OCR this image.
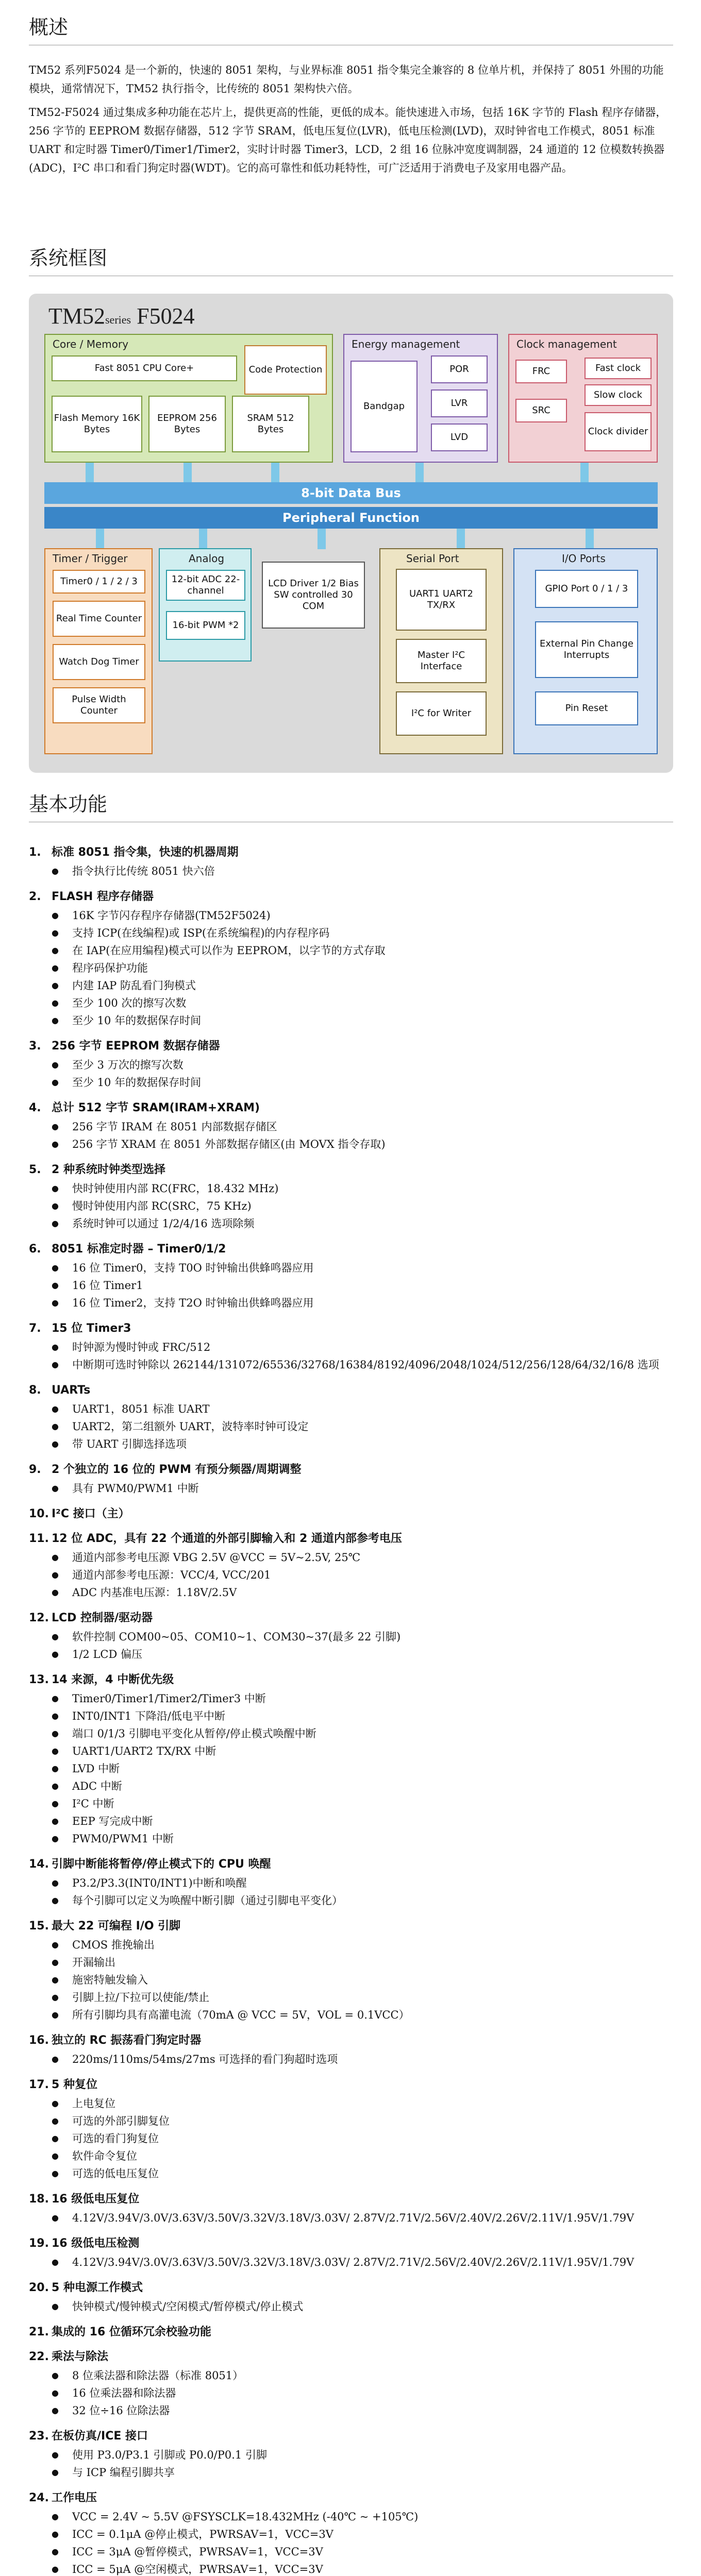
概述

TM52 系列F5024 是一个新的，快速的 8051 架构，与业界标准 8051 指令集完全兼容的 8 位单片机，并保持了 8051 外围的功能模块，通常情况下，TM52 执行指令，比传统的 8051 架构快六倍。

TM52-F5024 通过集成多种功能在芯片上，提供更高的性能，更低的成本。能快速进入市场，包括 16K 字节的 Flash 程序存储器，256 字节的 EEPROM 数据存储器，512 字节 SRAM，低电压复位(LVR)，低电压检测(LVD)，双时钟省电工作模式，8051 标准 UART 和定时器 Timer0/Timer1/Timer2，实时计时器 Timer3，LCD，2 组 16 位脉冲宽度调制器，24 通道的 12 位模数转换器(ADC)，I²C 串口和看门狗定时器(WDT)。它的高可靠性和低功耗特性，可广泛适用于消费电子及家用电器产品。

系统框图
TM52series F5024
Core / Memory
Fast 8051 CPU Core+	Code Protection
Flash Memory 16K Bytes
EEPROM 256 Bytes
SRAM 512 Bytes
Energy management
Bandgap
POR
LVR
LVD
Clock management
FRC
SRC
Fast clock
Slow clock
Clock divider
8-bit Data Bus
Peripheral Function
Timer / Trigger
Timer0 / 1 / 2 / 3
Real Time Counter
Watch Dog Timer
Pulse Width Counter
Analog
12-bit ADC 22-channel
16-bit PWM *2
LCD Driver 1/2 Bias SW controlled 30 COM
Serial Port
UART1 UART2 TX/RX
Master I²C Interface
I²C for Writer
I/O Ports
GPIO Port 0 / 1 / 3
External Pin Change Interrupts
Pin Reset
基本功能
1. 标准 8051 指令集，快速的机器周期
● 指令执行比传统 8051 快六倍
2. FLASH 程序存储器
● 16K 字节闪存程序存储器(TM52F5024)
● 支持 ICP(在线编程)或 ISP(在系统编程)的内存程序码
● 在 IAP(在应用编程)模式可以作为 EEPROM，以字节的方式存取
● 程序码保护功能
● 内建 IAP 防乱看门狗模式
● 至少 100 次的擦写次数
● 至少 10 年的数据保存时间
3. 256 字节 EEPROM 数据存储器
● 至少 3 万次的擦写次数
● 至少 10 年的数据保存时间
4. 总计 512 字节 SRAM(IRAM+XRAM)
● 256 字节 IRAM 在 8051 内部数据存储区
● 256 字节 XRAM 在 8051 外部数据存储区(由 MOVX 指令存取)
5. 2 种系统时钟类型选择
● 快时钟使用内部 RC(FRC，18.432 MHz)
● 慢时钟使用内部 RC(SRC，75 KHz)
● 系统时钟可以通过 1/2/4/16 选项除频
6. 8051 标准定时器 – Timer0/1/2
● 16 位 Timer0，支持 T0O 时钟输出供蜂鸣器应用
● 16 位 Timer1
● 16 位 Timer2，支持 T2O 时钟输出供蜂鸣器应用
7. 15 位 Timer3
● 时钟源为慢时钟或 FRC/512
● 中断期可选时钟除以 262144/131072/65536/32768/16384/8192/4096/2048/1024/512/256/128/64/32/16/8 选项
8. UARTs
● UART1，8051 标准 UART
● UART2，第二组额外 UART，波特率时钟可设定
● 带 UART 引脚选择选项
9. 2 个独立的 16 位的 PWM 有预分频器/周期调整
● 具有 PWM0/PWM1 中断
10. I²C 接口（主）
11. 12 位 ADC，具有 22 个通道的外部引脚输入和 2 通道内部参考电压
● 通道内部参考电压源 VBG 2.5V @VCC = 5V~2.5V, 25℃
● 通道内部参考电压源：VCC/4, VCC/201
● ADC 内基准电压源：1.18V/2.5V
12. LCD 控制器/驱动器
● 软件控制 COM00~05、COM10~1、COM30~37(最多 22 引脚)
● 1/2 LCD 偏压
13. 14 来源，4 中断优先级
● Timer0/Timer1/Timer2/Timer3 中断
● INT0/INT1 下降沿/低电平中断
● 端口 0/1/3 引脚电平变化从暂停/停止模式唤醒中断
● UART1/UART2 TX/RX 中断
● LVD 中断
● ADC 中断
● I²C 中断
● EEP 写完成中断
● PWM0/PWM1 中断
14. 引脚中断能将暂停/停止模式下的 CPU 唤醒
● P3.2/P3.3(INT0/INT1)中断和唤醒
● 每个引脚可以定义为唤醒中断引脚（通过引脚电平变化）
15. 最大 22 可编程 I/O 引脚
● CMOS 推挽输出
● 开漏输出
● 施密特触发输入
● 引脚上拉/下拉可以使能/禁止
● 所有引脚均具有高灌电流（70mA @ VCC = 5V，VOL = 0.1VCC）
16. 独立的 RC 振荡看门狗定时器
● 220ms/110ms/54ms/27ms 可选择的看门狗超时选项
17. 5 种复位
● 上电复位
● 可选的外部引脚复位
● 可选的看门狗复位
● 软件命令复位
● 可选的低电压复位
18. 16 级低电压复位
● 4.12V/3.94V/3.0V/3.63V/3.50V/3.32V/3.18V/3.03V/ 2.87V/2.71V/2.56V/2.40V/2.26V/2.11V/1.95V/1.79V
19. 16 级低电压检测
● 4.12V/3.94V/3.0V/3.63V/3.50V/3.32V/3.18V/3.03V/ 2.87V/2.71V/2.56V/2.40V/2.26V/2.11V/1.95V/1.79V
20. 5 种电源工作模式
● 快钟模式/慢钟模式/空闲模式/暂停模式/停止模式
21. 集成的 16 位循环冗余校验功能
22. 乘法与除法
● 8 位乘法器和除法器（标准 8051）
● 16 位乘法器和除法器
● 32 位÷16 位除法器
23. 在板仿真/ICE 接口
● 使用 P3.0/P3.1 引脚或 P0.0/P0.1 引脚
● 与 ICP 编程引脚共享
24. 工作电压
● VCC = 2.4V ~ 5.5V @FSYSCLK=18.432MHz (-40℃ ~ +105℃)
● ICC = 0.1μA @停止模式，PWRSAV=1，VCC=3V
● ICC = 3μA @暂停模式，PWRSAV=1，VCC=3V
● ICC = 5μA @空闲模式，PWRSAV=1，VCC=3V
